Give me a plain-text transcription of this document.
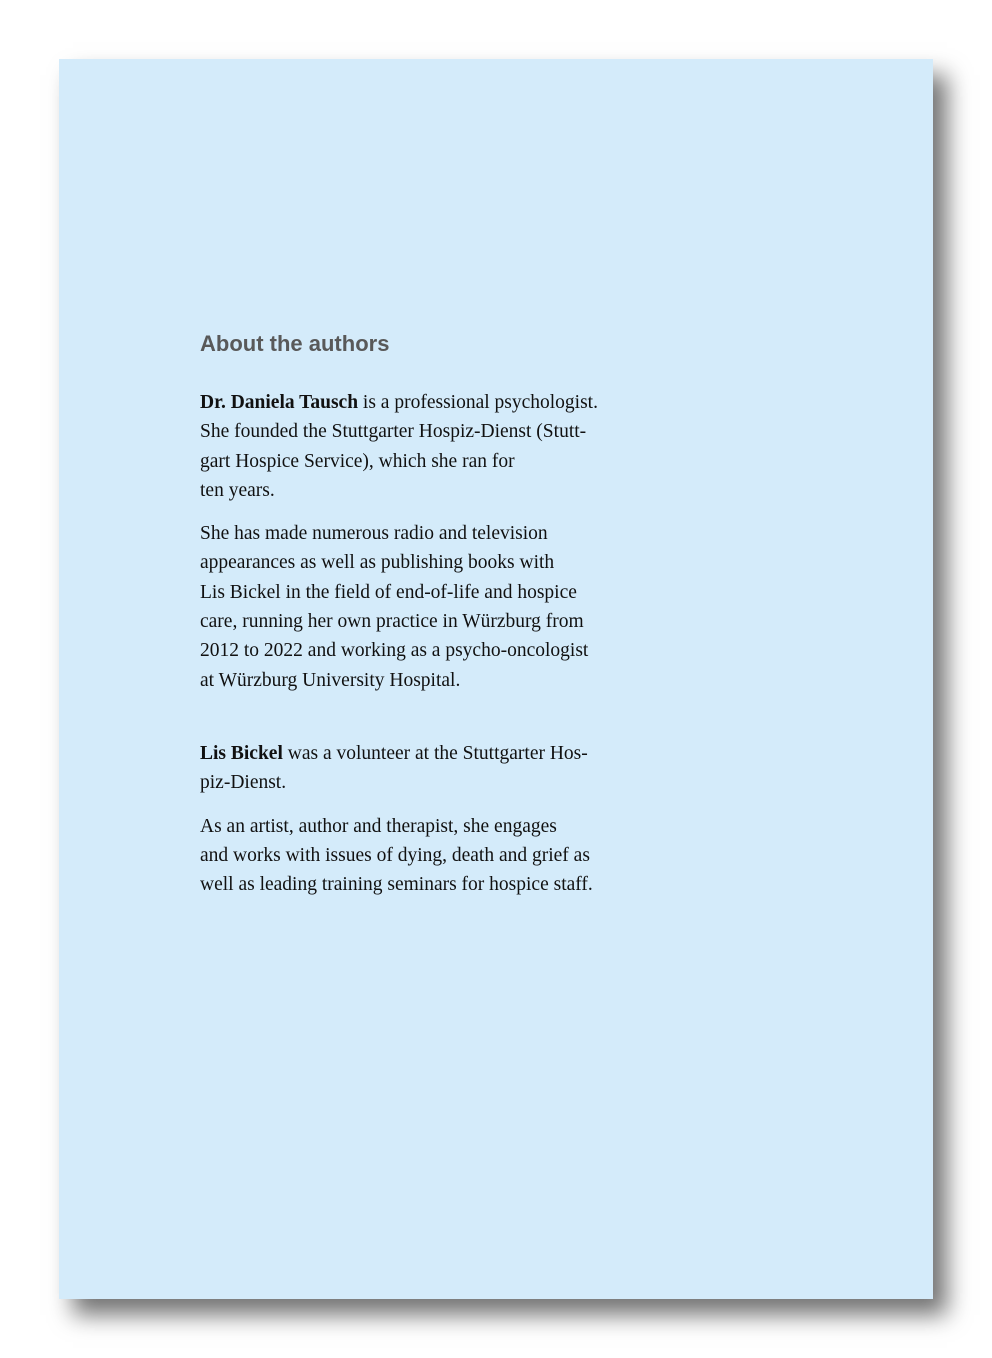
About the authors

Dr. Daniela Tausch is a professional psychologist.
She founded the Stuttgarter Hospiz-Dienst (Stutt-
gart Hospice Service), which she ran for
ten years.

She has made numerous radio and television
appearances as well as publishing books with
Lis Bickel in the field of end-of-life and hospice
care, running her own practice in Würzburg from
2012 to 2022 and working as a psycho-oncologist
at Würzburg University Hospital.

Lis Bickel was a volunteer at the Stuttgarter Hos-
piz-Dienst.

As an artist, author and therapist, she engages
and works with issues of dying, death and grief as
well as leading training seminars for hospice staff.
